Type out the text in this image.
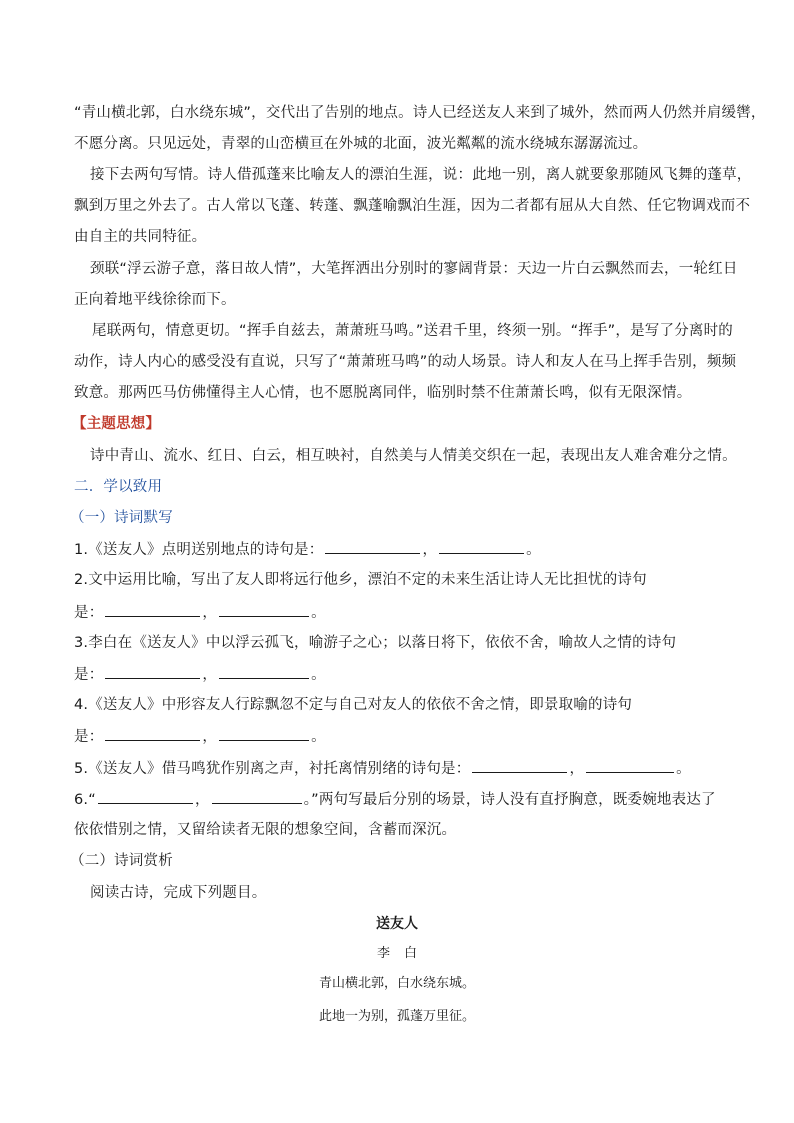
“青山横北郭，白水绕东城”，交代出了告别的地点。诗人已经送友人来到了城外，然而两人仍然并肩缓辔，
不愿分离。只见远处，青翠的山峦横亘在外城的北面，波光粼粼的流水绕城东潺潺流过。
接下去两句写情。诗人借孤蓬来比喻友人的漂泊生涯，说：此地一别，离人就要象那随风飞舞的蓬草，
飘到万里之外去了。古人常以飞蓬、转蓬、飘蓬喻飘泊生涯，因为二者都有屈从大自然、任它物调戏而不
由自主的共同特征。
颈联“浮云游子意，落日故人情”，大笔挥洒出分别时的寥阔背景：天边一片白云飘然而去，一轮红日
正向着地平线徐徐而下。
尾联两句，情意更切。“挥手自兹去，萧萧班马鸣。”送君千里，终须一别。“挥手”，是写了分离时的
动作，诗人内心的感受没有直说，只写了“萧萧班马鸣”的动人场景。诗人和友人在马上挥手告别，频频
致意。那两匹马仿佛懂得主人心情，也不愿脱离同伴，临别时禁不住萧萧长鸣，似有无限深情。
【主题思想】
诗中青山、流水、红日、白云，相互映衬，自然美与人情美交织在一起，表现出友人难舍难分之情。
二．学以致用
（一）诗词默写
1.《送友人》点明送别地点的诗句是：	，	。
2.文中运用比喻，写出了友人即将远行他乡，漂泊不定的未来生活让诗人无比担忧的诗句
是：	，	。
3.李白在《送友人》中以浮云孤飞，喻游子之心；以落日将下，依依不舍，喻故人之情的诗句
是：	，	。
4.《送友人》中形容友人行踪飘忽不定与自己对友人的依依不舍之情，即景取喻的诗句
是：	，	。
5.《送友人》借马鸣犹作别离之声，衬托离情别绪的诗句是：	，	。
6.“	，	。”两句写最后分别的场景，诗人没有直抒胸意，既委婉地表达了
依依惜别之情，又留给读者无限的想象空间，含蓄而深沉。
（二）诗词赏析
阅读古诗，完成下列题目。
送友人
李白
青山横北郭，白水绕东城。
此地一为别，孤蓬万里征。
